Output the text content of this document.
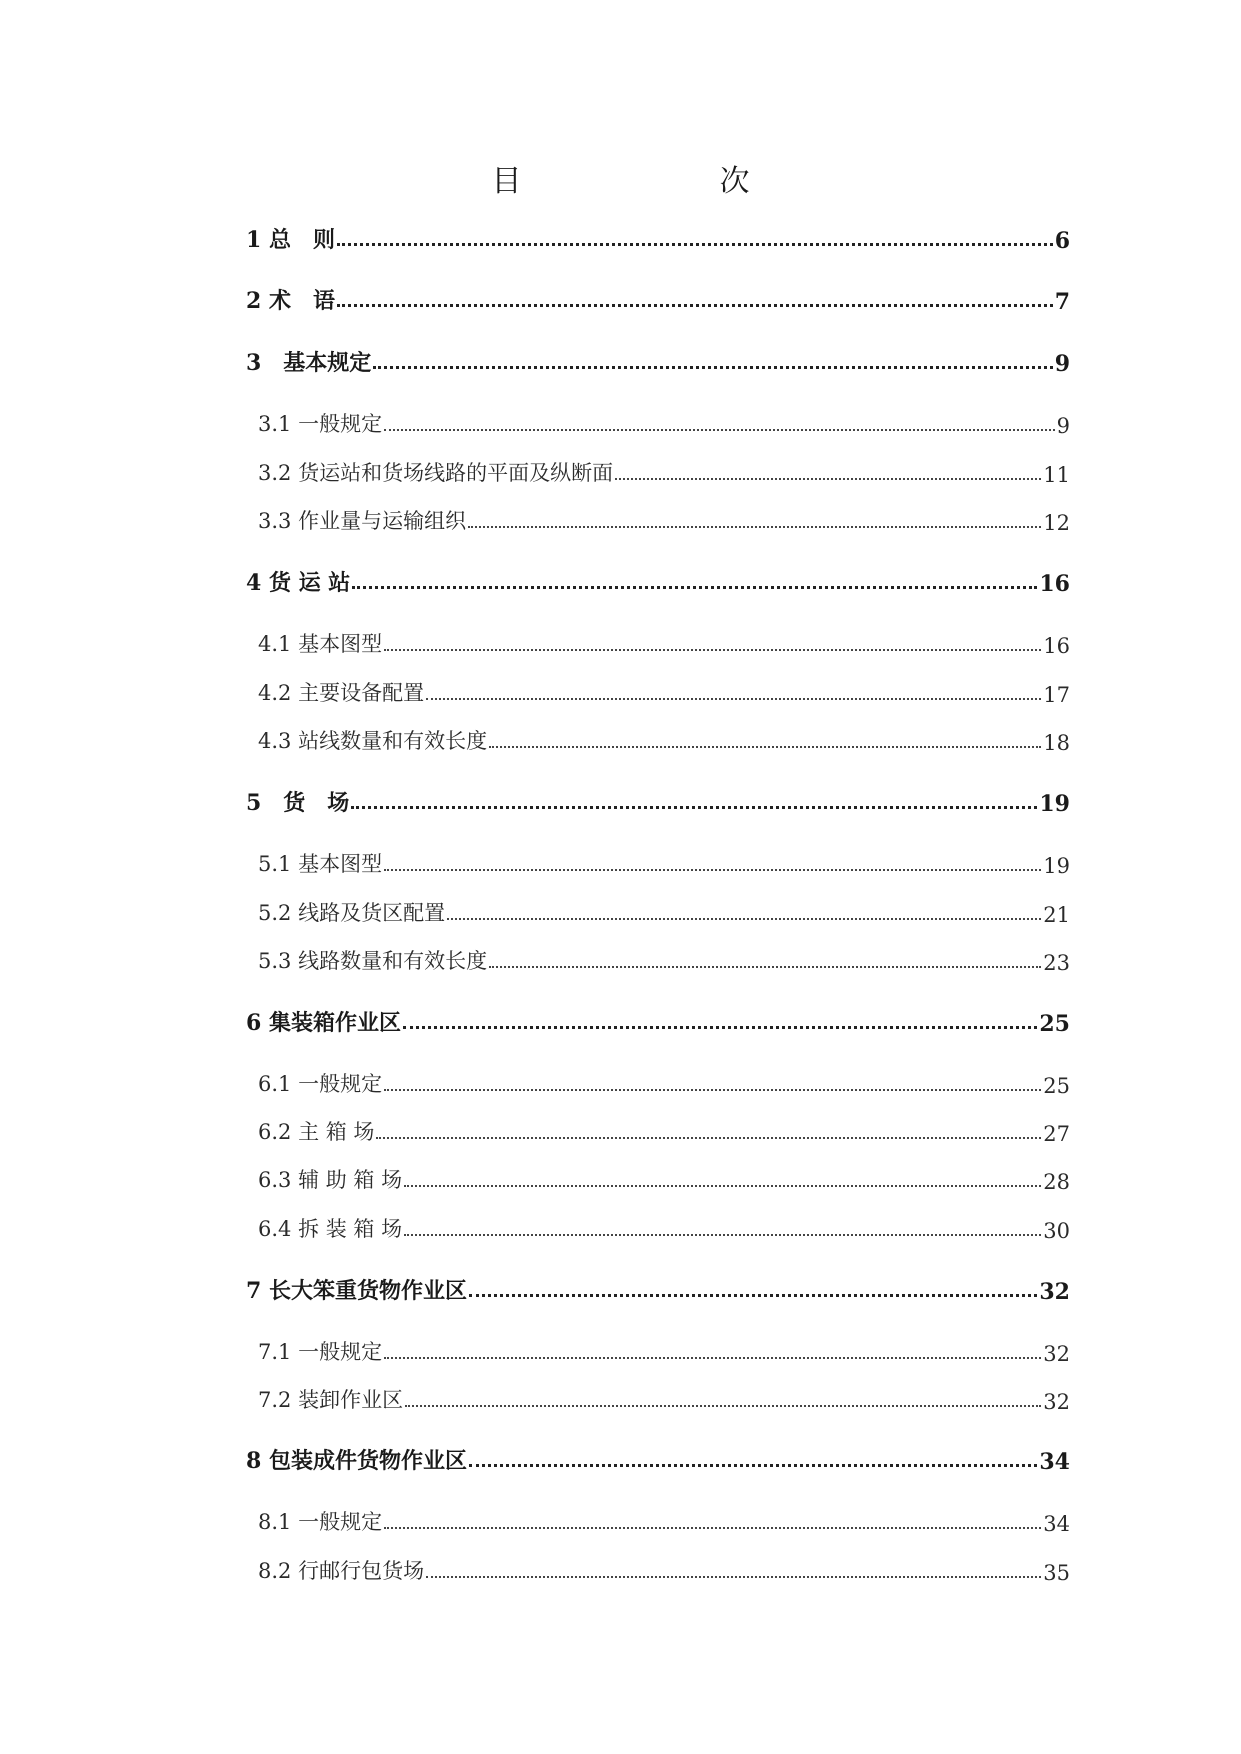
目　　次
1 总　则	6
2 术　语	7
3　基本规定	9
3.1 一般规定	9
3.2 货运站和货场线路的平面及纵断面	11
3.3 作业量与运输组织	12
4 货 运 站	16
4.1 基本图型	16
4.2 主要设备配置	17
4.3 站线数量和有效长度	18
5　货　场	19
5.1 基本图型	19
5.2 线路及货区配置	21
5.3 线路数量和有效长度	23
6 集装箱作业区	25
6.1 一般规定	25
6.2 主 箱 场	27
6.3 辅 助 箱 场	28
6.4 拆 装 箱 场	30
7 长大笨重货物作业区	32
7.1 一般规定	32
7.2 装卸作业区	32
8 包装成件货物作业区	34
8.1 一般规定	34
8.2 行邮行包货场	35
